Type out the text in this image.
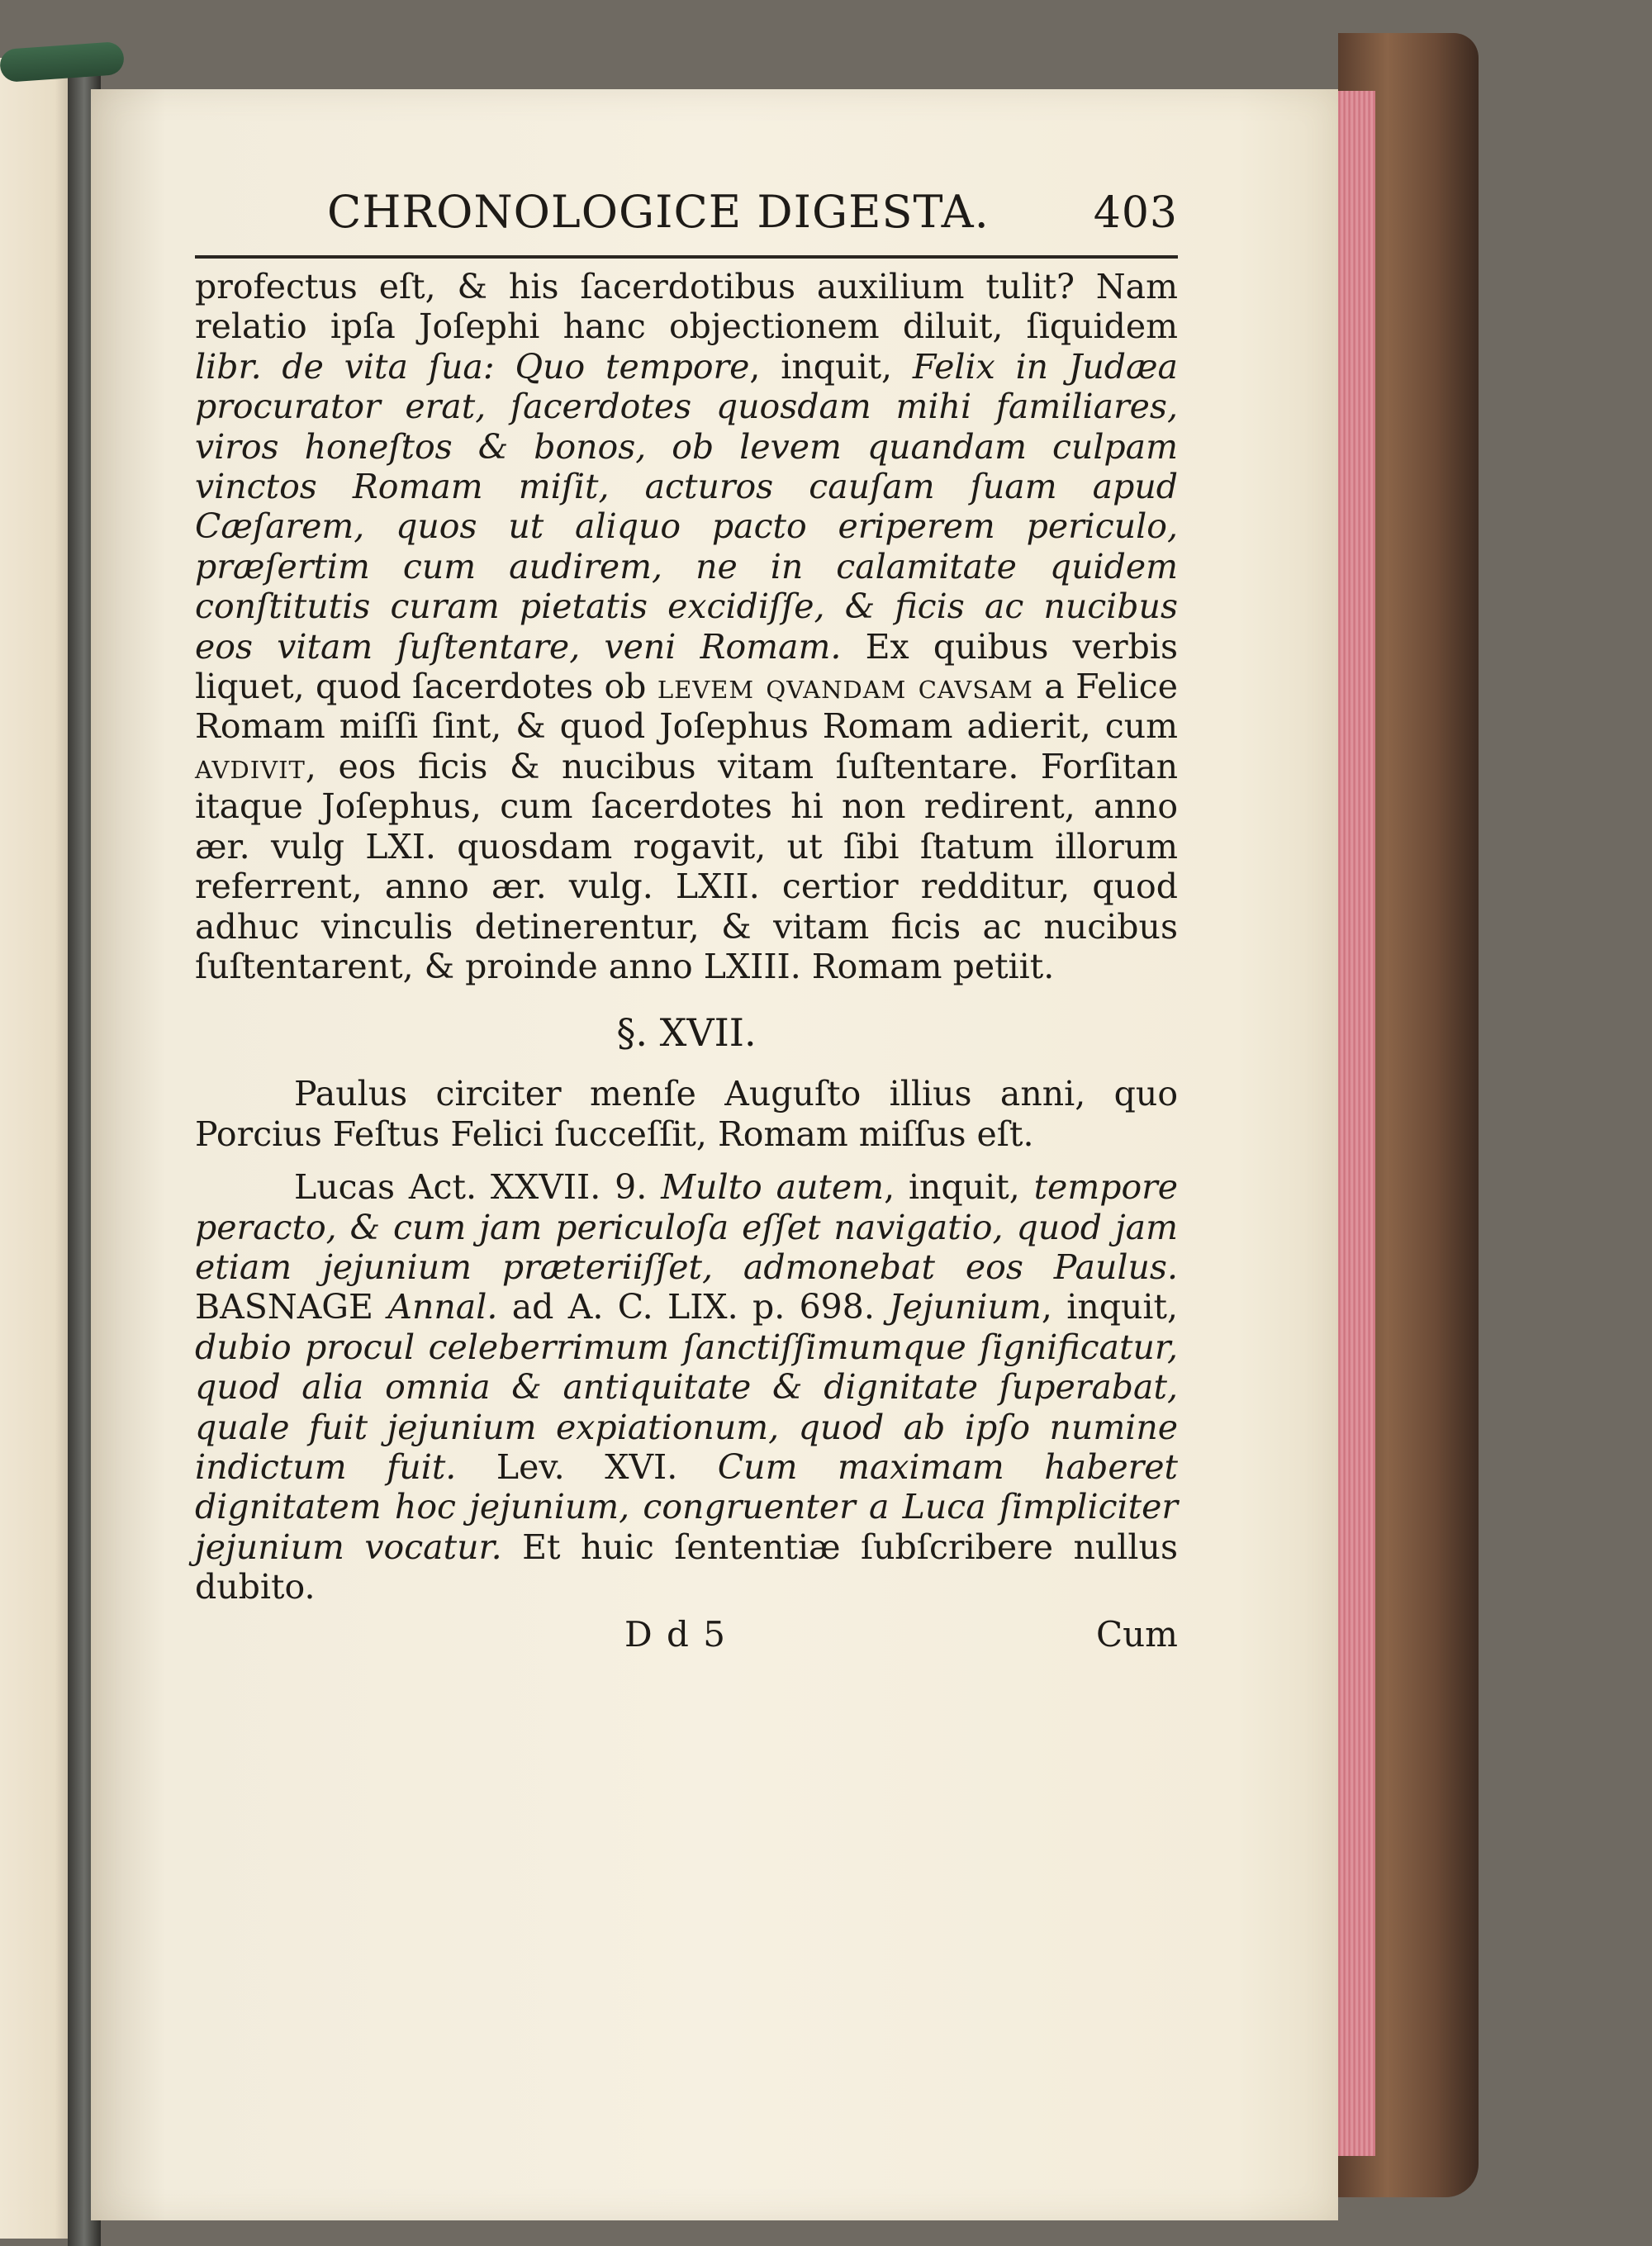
CHRONOLOGICE DIGESTA. 403

profectus eſt, & his ſacerdotibus auxilium tulit? Nam relatio ipſa Joſephi hanc objectionem diluit, ſiquidem libr. de vita ſua: Quo tempore, inquit, Felix in Judæa procurator erat, ſacerdotes quosdam mihi familiares, viros honeſtos & bonos, ob levem quandam culpam vinctos Romam miſit, acturos cauſam ſuam apud Cæſarem, quos ut aliquo pacto eriperem periculo, præſertim cum audirem, ne in calamitate quidem conſtitutis curam pietatis excidiſſe, & ficis ac nucibus eos vitam ſuſtentare, veni Romam. Ex quibus verbis liquet, quod ſacerdotes ob levem qvandam cavsam a Felice Romam miſſi ſint, & quod Joſephus Romam adierit, cum avdivit, eos ficis & nucibus vitam ſuſtentare. Forſitan itaque Joſephus, cum ſacerdotes hi non redirent, anno ær. vulg LXI. quosdam rogavit, ut ſibi ſtatum illorum referrent, anno ær. vulg. LXII. certior redditur, quod adhuc vinculis detinerentur, & vitam ficis ac nucibus ſuſtentarent, & proinde anno LXIII. Romam petiit.

§. XVII.

Paulus circiter menſe Auguſto illius anni, quo Porcius Feſtus Felici ſucceſſit, Romam miſſus eſt.

Lucas Act. XXVII. 9. Multo autem, inquit, tempore peracto, & cum jam periculoſa eſſet navigatio, quod jam etiam jejunium præteriiſſet, admonebat eos Paulus. BASNAGE Annal. ad A. C. LIX. p. 698. Jejunium, inquit, dubio procul celeberrimum ſanctiſſimumque ſignificatur, quod alia omnia & antiquitate & dignitate ſuperabat, quale fuit jejunium expiationum, quod ab ipſo numine indictum fuit. Lev. XVI. Cum maximam haberet dignitatem hoc jejunium, congruenter a Luca ſimpliciter jejunium vocatur. Et huic ſententiæ ſubſcribere nullus dubito.

D d 5	Cum
